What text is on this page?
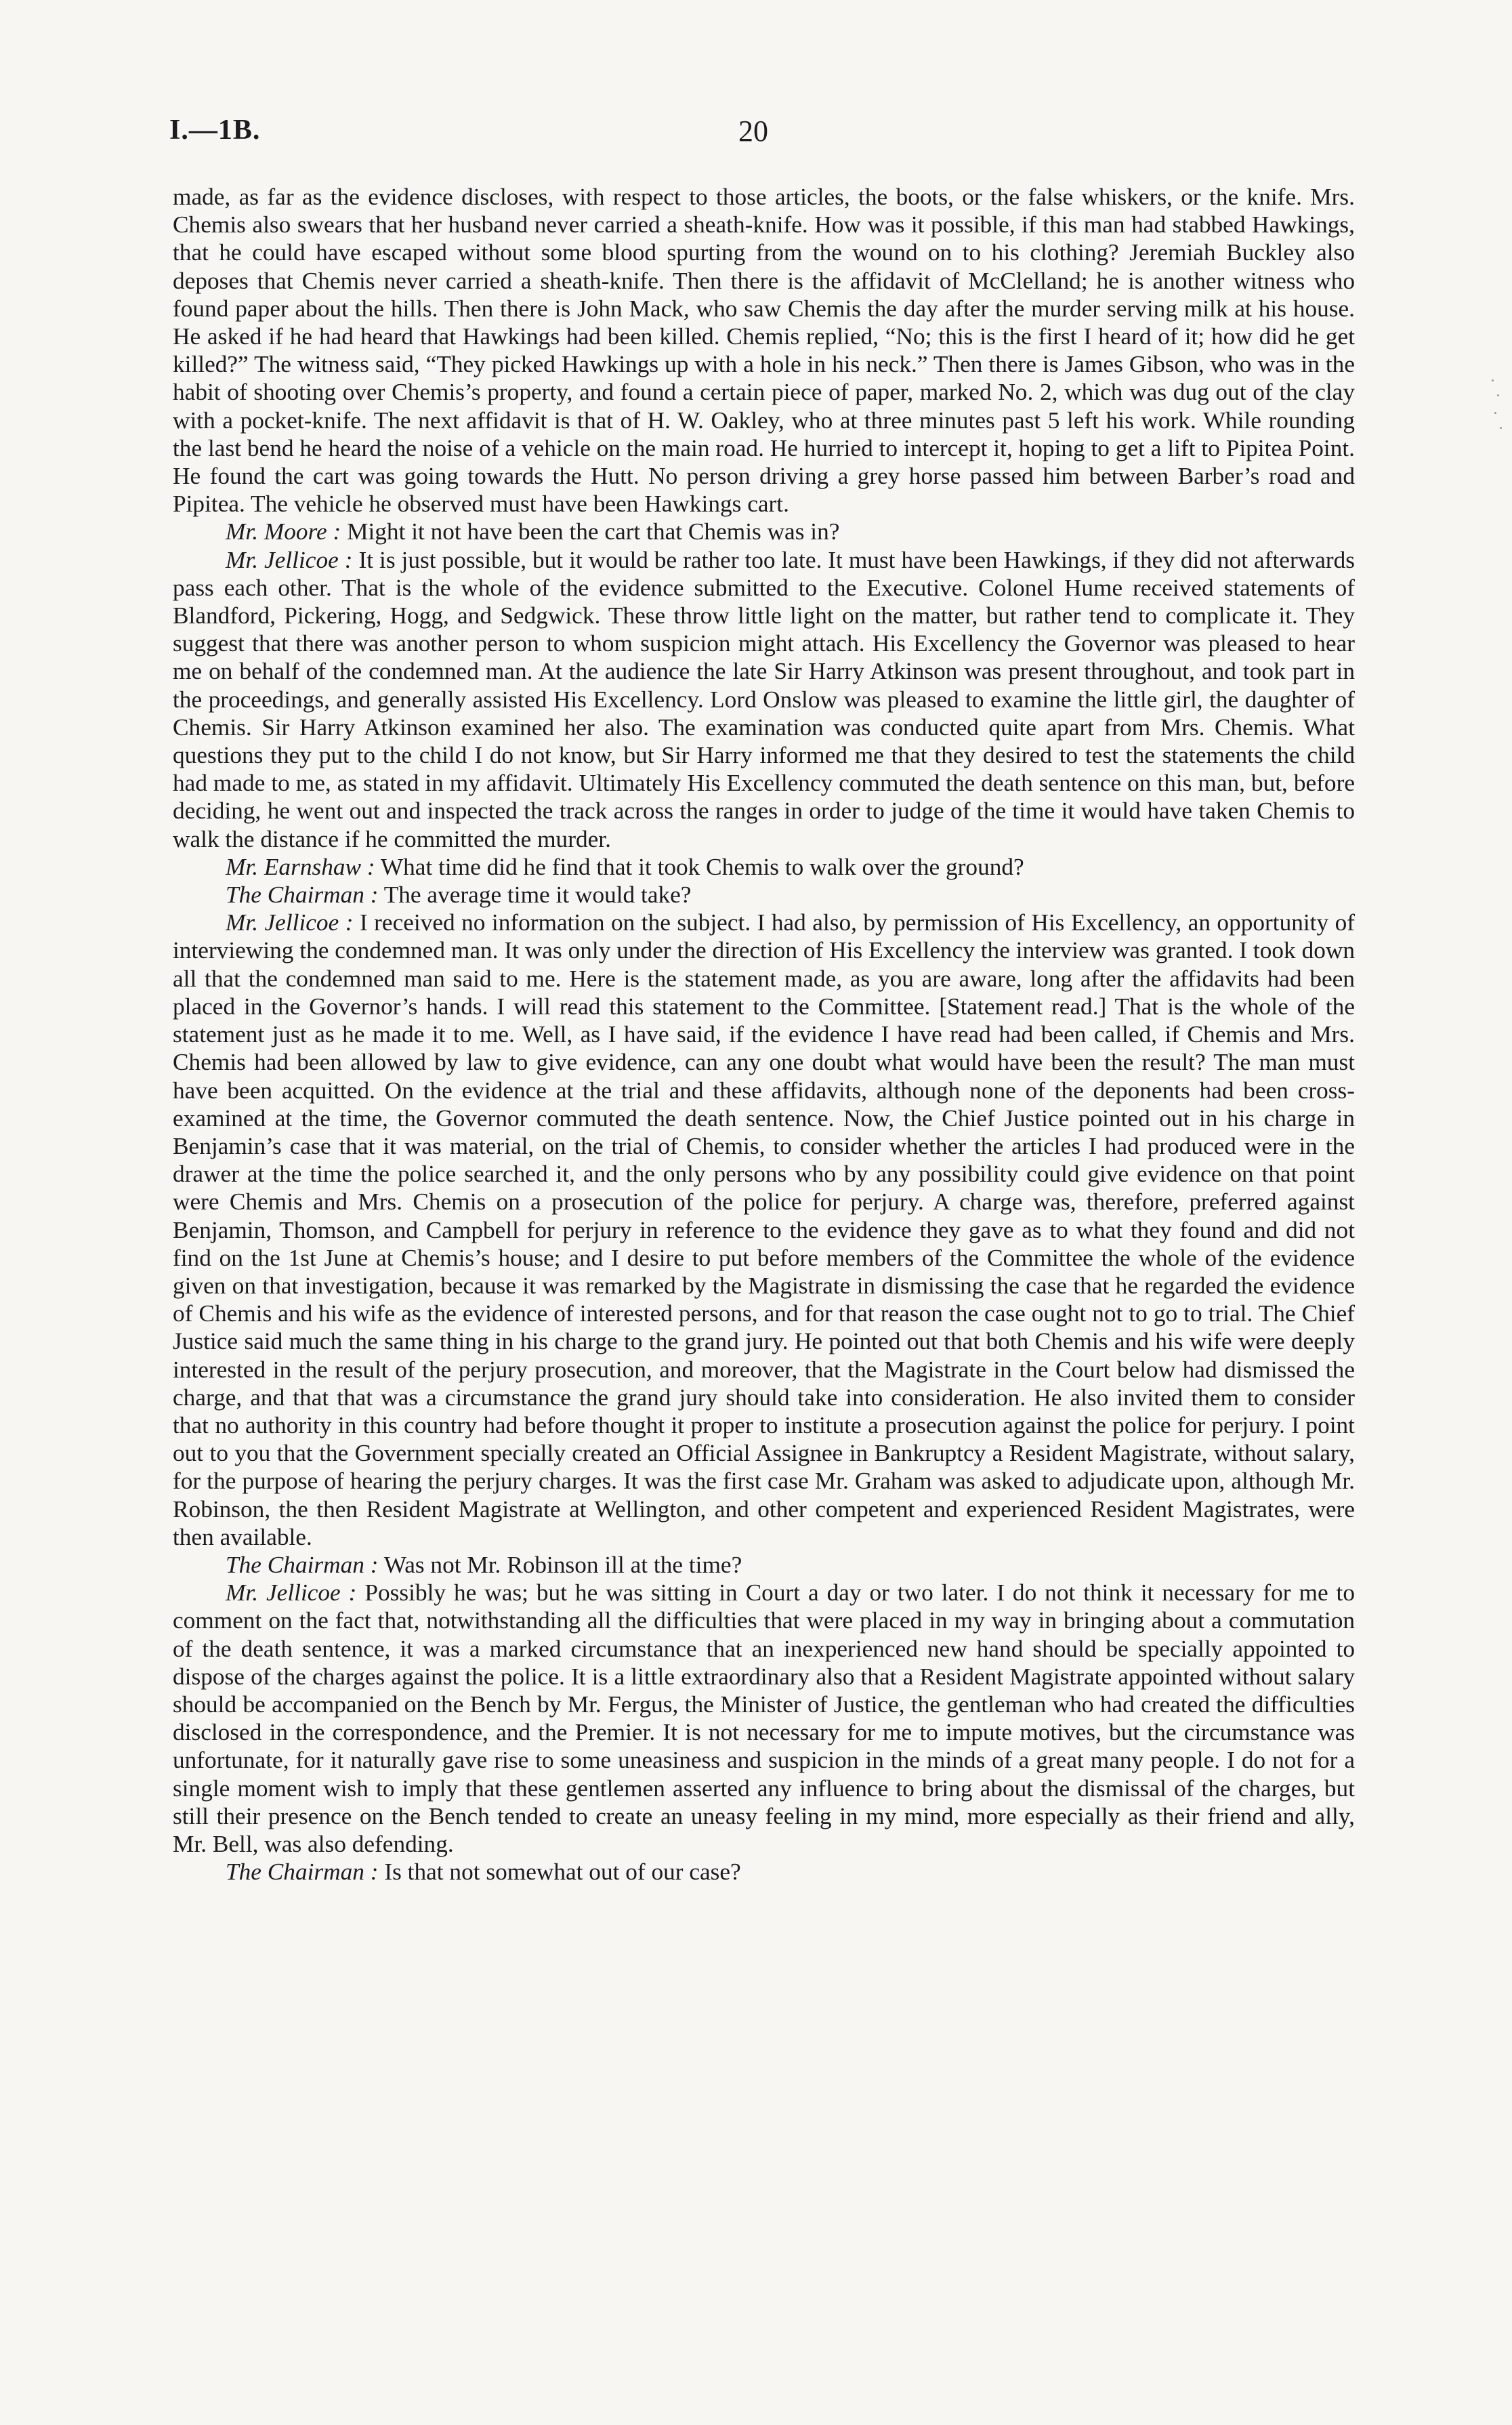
I.—1B.	20

made, as far as the evidence discloses, with respect to those articles, the boots, or the false whiskers, or the knife. Mrs. Chemis also swears that her husband never carried a sheath-knife. How was it possible, if this man had stabbed Hawkings, that he could have escaped without some blood spurting from the wound on to his clothing? Jeremiah Buckley also deposes that Chemis never carried a sheath-knife. Then there is the affidavit of McClelland; he is another witness who found paper about the hills. Then there is John Mack, who saw Chemis the day after the murder serving milk at his house. He asked if he had heard that Hawkings had been killed. Chemis replied, “No; this is the first I heard of it; how did he get killed?” The witness said, “They picked Hawkings up with a hole in his neck.” Then there is James Gibson, who was in the habit of shooting over Chemis’s property, and found a certain piece of paper, marked No. 2, which was dug out of the clay with a pocket-knife. The next affidavit is that of H. W. Oakley, who at three minutes past 5 left his work. While rounding the last bend he heard the noise of a vehicle on the main road. He hurried to intercept it, hoping to get a lift to Pipitea Point. He found the cart was going towards the Hutt. No person driving a grey horse passed him between Barber’s road and Pipitea. The vehicle he observed must have been Hawkings cart.

Mr. Moore : Might it not have been the cart that Chemis was in?

Mr. Jellicoe : It is just possible, but it would be rather too late. It must have been Hawkings, if they did not afterwards pass each other. That is the whole of the evidence submitted to the Executive. Colonel Hume received statements of Blandford, Pickering, Hogg, and Sedgwick. These throw little light on the matter, but rather tend to complicate it. They suggest that there was another person to whom suspicion might attach. His Excellency the Governor was pleased to hear me on behalf of the condemned man. At the audience the late Sir Harry Atkinson was present throughout, and took part in the proceedings, and generally assisted His Excellency. Lord Onslow was pleased to examine the little girl, the daughter of Chemis. Sir Harry Atkinson examined her also. The examination was conducted quite apart from Mrs. Chemis. What questions they put to the child I do not know, but Sir Harry informed me that they desired to test the statements the child had made to me, as stated in my affidavit. Ultimately His Excellency commuted the death sentence on this man, but, before deciding, he went out and inspected the track across the ranges in order to judge of the time it would have taken Chemis to walk the distance if he committed the murder.

Mr. Earnshaw : What time did he find that it took Chemis to walk over the ground?

The Chairman : The average time it would take?

Mr. Jellicoe : I received no information on the subject. I had also, by permission of His Excellency, an opportunity of interviewing the condemned man. It was only under the direction of His Excellency the interview was granted. I took down all that the condemned man said to me. Here is the statement made, as you are aware, long after the affidavits had been placed in the Governor’s hands. I will read this statement to the Committee. [Statement read.] That is the whole of the statement just as he made it to me. Well, as I have said, if the evidence I have read had been called, if Chemis and Mrs. Chemis had been allowed by law to give evidence, can any one doubt what would have been the result? The man must have been acquitted. On the evidence at the trial and these affidavits, although none of the deponents had been cross-examined at the time, the Governor commuted the death sentence. Now, the Chief Justice pointed out in his charge in Benjamin’s case that it was material, on the trial of Chemis, to consider whether the articles I had produced were in the drawer at the time the police searched it, and the only persons who by any possibility could give evidence on that point were Chemis and Mrs. Chemis on a prosecution of the police for perjury. A charge was, therefore, preferred against Benjamin, Thomson, and Campbell for perjury in reference to the evidence they gave as to what they found and did not find on the 1st June at Chemis’s house; and I desire to put before members of the Committee the whole of the evidence given on that investigation, because it was remarked by the Magistrate in dismissing the case that he regarded the evidence of Chemis and his wife as the evidence of interested persons, and for that reason the case ought not to go to trial. The Chief Justice said much the same thing in his charge to the grand jury. He pointed out that both Chemis and his wife were deeply interested in the result of the perjury prosecution, and moreover, that the Magistrate in the Court below had dismissed the charge, and that that was a circumstance the grand jury should take into consideration. He also invited them to consider that no authority in this country had before thought it proper to institute a prosecution against the police for perjury. I point out to you that the Government specially created an Official Assignee in Bankruptcy a Resident Magistrate, without salary, for the purpose of hearing the perjury charges. It was the first case Mr. Graham was asked to adjudicate upon, although Mr. Robinson, the then Resident Magistrate at Wellington, and other competent and experienced Resident Magistrates, were then available.

The Chairman : Was not Mr. Robinson ill at the time?

Mr. Jellicoe : Possibly he was; but he was sitting in Court a day or two later. I do not think it necessary for me to comment on the fact that, notwithstanding all the difficulties that were placed in my way in bringing about a commutation of the death sentence, it was a marked circumstance that an inexperienced new hand should be specially appointed to dispose of the charges against the police. It is a little extraordinary also that a Resident Magistrate appointed without salary should be accompanied on the Bench by Mr. Fergus, the Minister of Justice, the gentleman who had created the difficulties disclosed in the correspondence, and the Premier. It is not necessary for me to impute motives, but the circumstance was unfortunate, for it naturally gave rise to some uneasiness and suspicion in the minds of a great many people. I do not for a single moment wish to imply that these gentlemen asserted any influence to bring about the dismissal of the charges, but still their presence on the Bench tended to create an uneasy feeling in my mind, more especially as their friend and ally, Mr. Bell, was also defending.

The Chairman : Is that not somewhat out of our case?
